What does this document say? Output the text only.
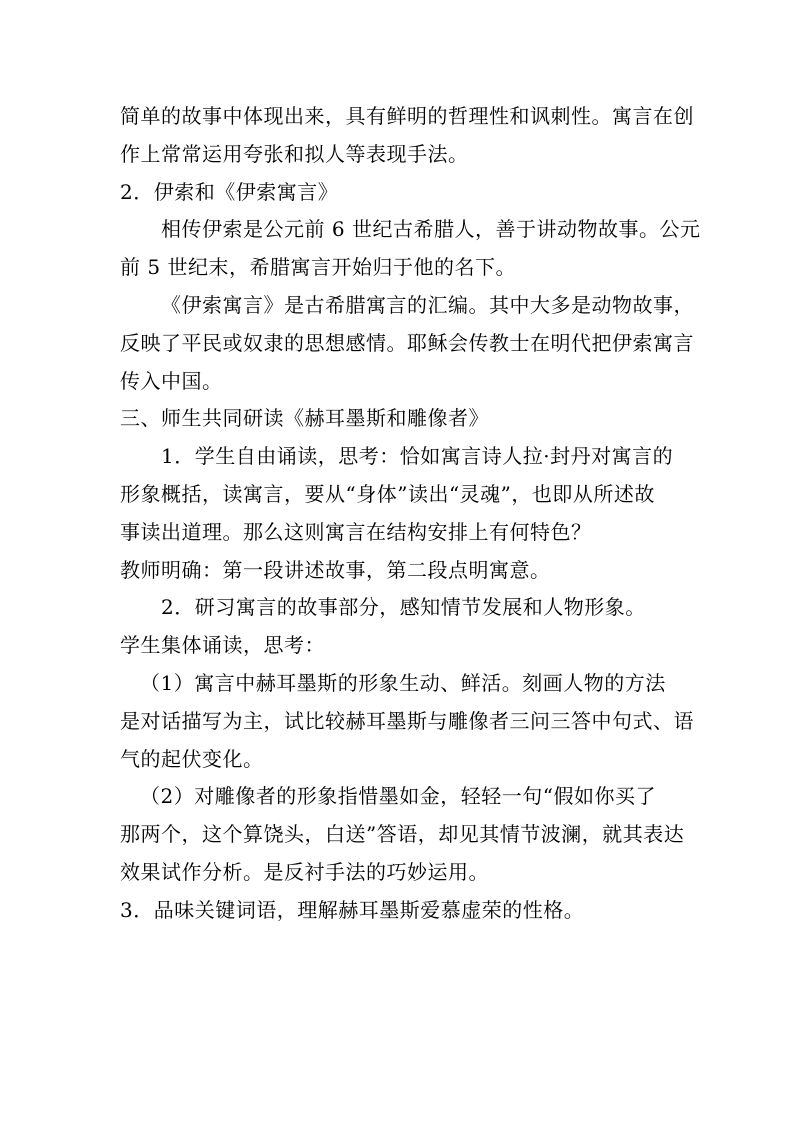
简单的故事中体现出来，具有鲜明的哲理性和讽刺性。寓言在创
作上常常运用夸张和拟人等表现手法。
2．伊索和《伊索寓言》
相传伊索是公元前 6 世纪古希腊人，善于讲动物故事。公元
前 5 世纪末，希腊寓言开始归于他的名下。
《伊索寓言》是古希腊寓言的汇编。其中大多是动物故事，
反映了平民或奴隶的思想感情。耶稣会传教士在明代把伊索寓言
传入中国。
三、师生共同研读《赫耳墨斯和雕像者》
1．学生自由诵读，思考：恰如寓言诗人拉·封丹对寓言的
形象概括，读寓言，要从“身体”读出“灵魂”，也即从所述故
事读出道理。那么这则寓言在结构安排上有何特色？
教师明确：第一段讲述故事，第二段点明寓意。
2．研习寓言的故事部分，感知情节发展和人物形象。
学生集体诵读，思考：
（1）寓言中赫耳墨斯的形象生动、鲜活。刻画人物的方法
是对话描写为主，试比较赫耳墨斯与雕像者三问三答中句式、语
气的起伏变化。
（2）对雕像者的形象指惜墨如金，轻轻一句“假如你买了
那两个，这个算饶头，白送”答语，却见其情节波澜，就其表达
效果试作分析。是反衬手法的巧妙运用。
3．品味关键词语，理解赫耳墨斯爱慕虚荣的性格。
